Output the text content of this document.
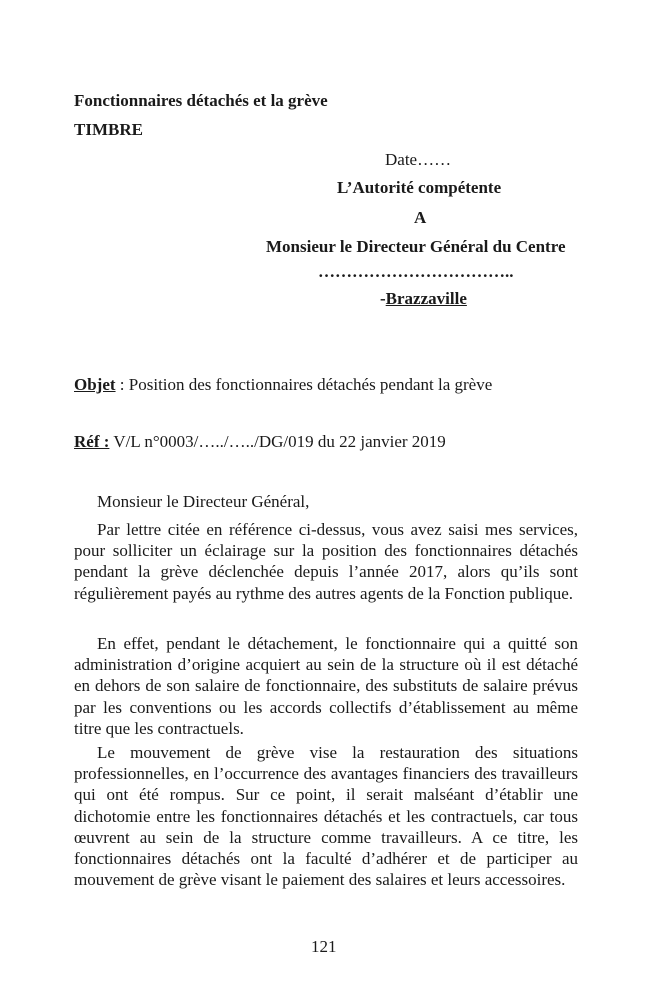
Fonctionnaires détachés et la grève
TIMBRE
Date……
L’Autorité compétente
A
Monsieur le Directeur Général du Centre
……………………………..
-Brazzaville
Objet : Position des fonctionnaires détachés pendant la grève
Réf : V/L n°0003/…../…../DG/019 du 22 janvier 2019
Monsieur le Directeur Général,

Par lettre citée en référence ci-dessus, vous avez saisi mes services, pour solliciter un éclairage sur la position des fonctionnaires détachés pendant la grève déclenchée depuis l’année 2017, alors qu’ils sont régulièrement payés au rythme des autres agents de la Fonction publique.

En effet, pendant le détachement, le fonctionnaire qui a quitté son administration d’origine acquiert au sein de la structure où il est détaché en dehors de son salaire de fonctionnaire, des substituts de salaire prévus par les conventions ou les accords collectifs d’établissement au même titre que les contractuels.

Le mouvement de grève vise la restauration des situations professionnelles, en l’occurrence des avantages financiers des travailleurs qui ont été rompus. Sur ce point, il serait malséant d’établir une dichotomie entre les fonctionnaires détachés et les contractuels, car tous œuvrent au sein de la structure comme travailleurs. A ce titre, les fonctionnaires détachés ont la faculté d’adhérer et de participer au mouvement de grève visant le paiement des salaires et leurs accessoires.

121
